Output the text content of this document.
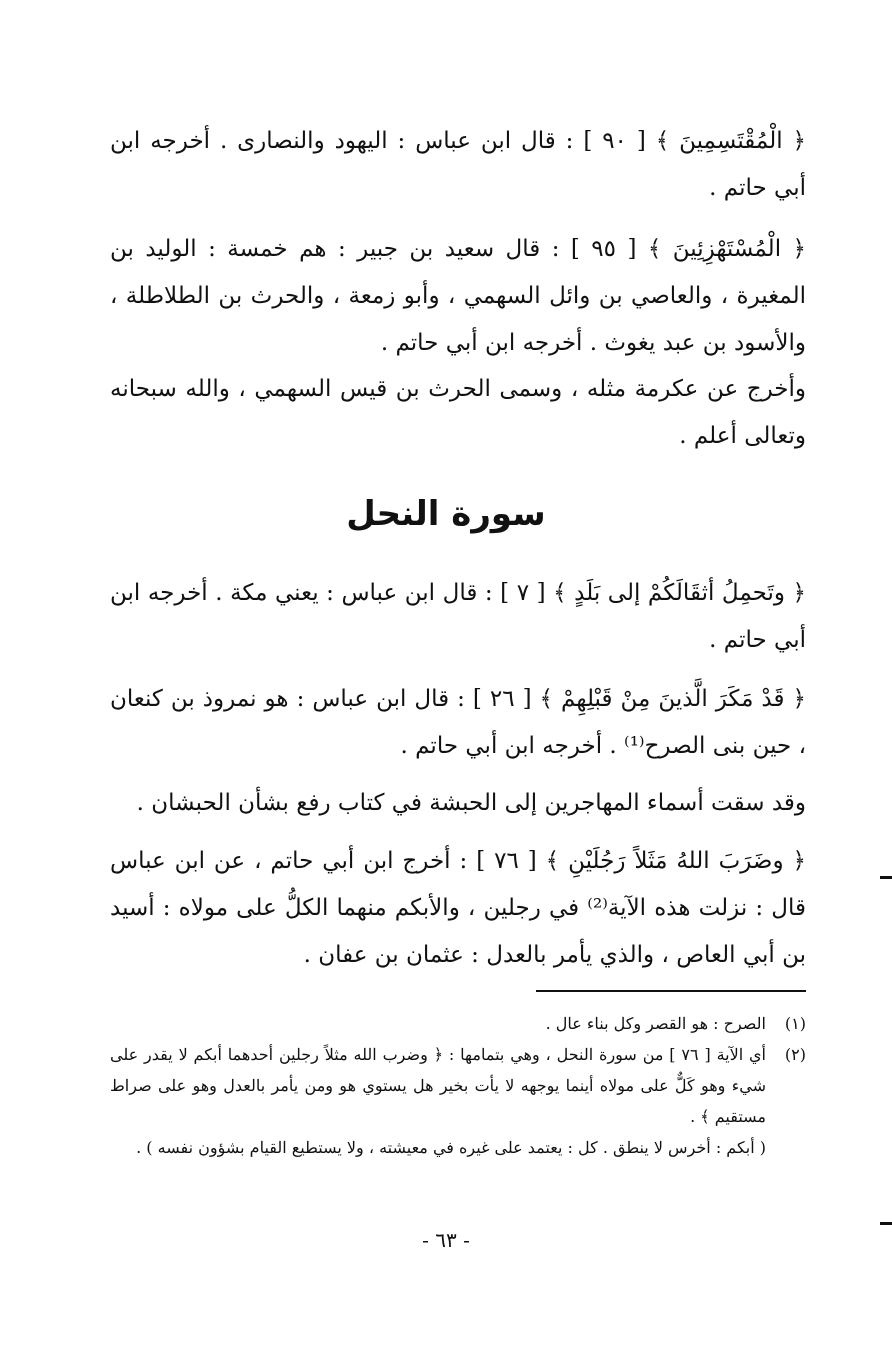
﴿ الْمُقْتَسِمِينَ ﴾ [ ٩٠ ] : قال ابن عباس : اليهود والنصارى . أخرجه ابن أبي حاتم .

﴿ الْمُسْتَهْزِئِينَ ﴾ [ ٩٥ ] : قال سعيد بن جبير : هم خمسة : الوليد بن المغيرة ، والعاصي بن وائل السهمي ، وأبو زمعة ، والحرث بن الطلاطلة ، والأسود بن عبد يغوث . أخرجه ابن أبي حاتم .

وأخرج عن عكرمة مثله ، وسمى الحرث بن قيس السهمي ، والله سبحانه وتعالى أعلم .

سورة النحل

﴿ وتَحمِلُ أثقَالَكُمْ إلى بَلَدٍ ﴾ [ ٧ ] : قال ابن عباس : يعني مكة . أخرجه ابن أبي حاتم .

﴿ قَدْ مَكَرَ الَّذينَ مِنْ قَبْلِهِمْ ﴾ [ ٢٦ ] : قال ابن عباس : هو نمروذ بن كنعان ، حين بنى الصرح⁽¹⁾ . أخرجه ابن أبي حاتم .

وقد سقت أسماء المهاجرين إلى الحبشة في كتاب رفع بشأن الحبشان .

﴿ وضَرَبَ اللهُ مَثَلاً رَجُلَيْنِ ﴾ [ ٧٦ ] : أخرج ابن أبي حاتم ، عن ابن عباس قال : نزلت هذه الآية⁽²⁾ في رجلين ، والأبكم منهما الكلُّ على مولاه : أسيد بن أبي العاص ، والذي يأمر بالعدل : عثمان بن عفان .

(١)
الصرح : هو القصر وكل بناء عال .
(٢)
أي الآية [ ٧٦ ] من سورة النحل ، وهي بتمامها : ﴿ وضرب الله مثلاً رجلين أحدهما أبكم لا يقدر على شيء وهو كَلٌّ على مولاه أينما يوجهه لا يأت بخير هل يستوي هو ومن يأمر بالعدل وهو على صراط مستقيم ﴾ .
( أبكم : أخرس لا ينطق . كل : يعتمد على غيره في معيشته ، ولا يستطيع القيام بشؤون نفسه ) .
- ٦٣ -
